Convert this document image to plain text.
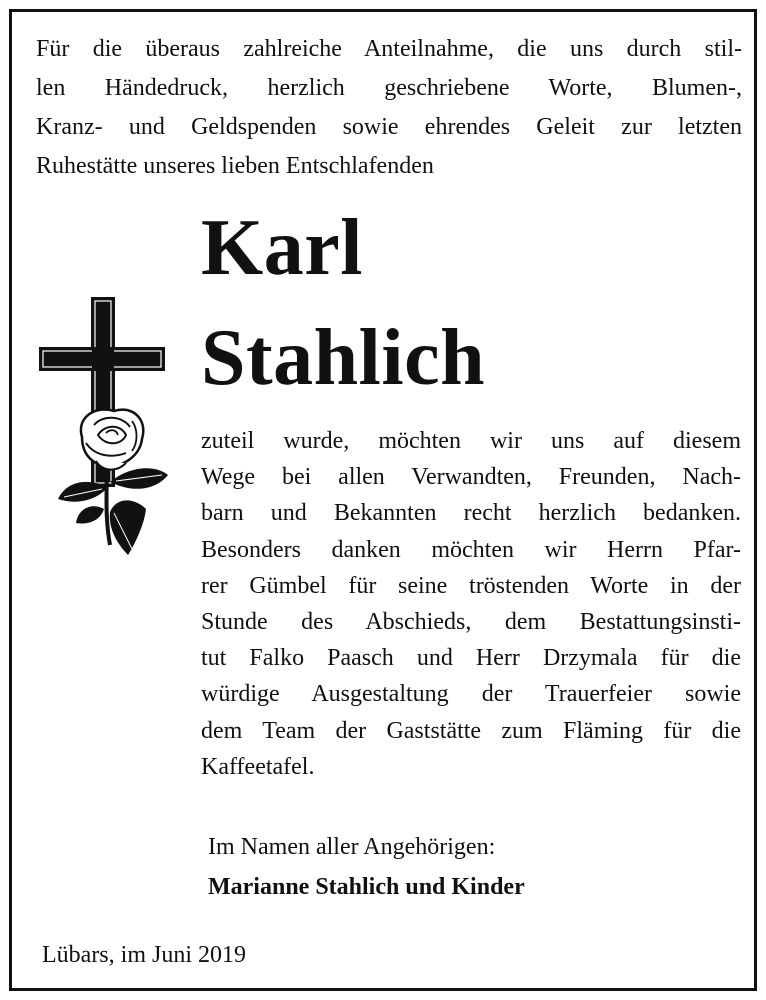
Für die überaus zahlreiche Anteilnahme, die uns durch stil-
len Händedruck, herzlich geschriebene Worte, Blumen-,
Kranz- und Geldspenden sowie ehrendes Geleit zur letzten
Ruhestätte unseres lieben Entschlafenden

Karl
Stahlich

zuteil wurde, möchten wir uns auf diesem
Wege bei allen Verwandten, Freunden, Nach-
barn und Bekannten recht herzlich bedanken.
Besonders danken möchten wir Herrn Pfar-
rer Gümbel für seine tröstenden Worte in der
Stunde des Abschieds, dem Bestattungsinsti-
tut Falko Paasch und Herr Drzymala für die
würdige Ausgestaltung der Trauerfeier sowie
dem Team der Gaststätte zum Fläming für die
Kaffeetafel.

Im Namen aller Angehörigen:

Marianne Stahlich und Kinder

Lübars, im Juni 2019
